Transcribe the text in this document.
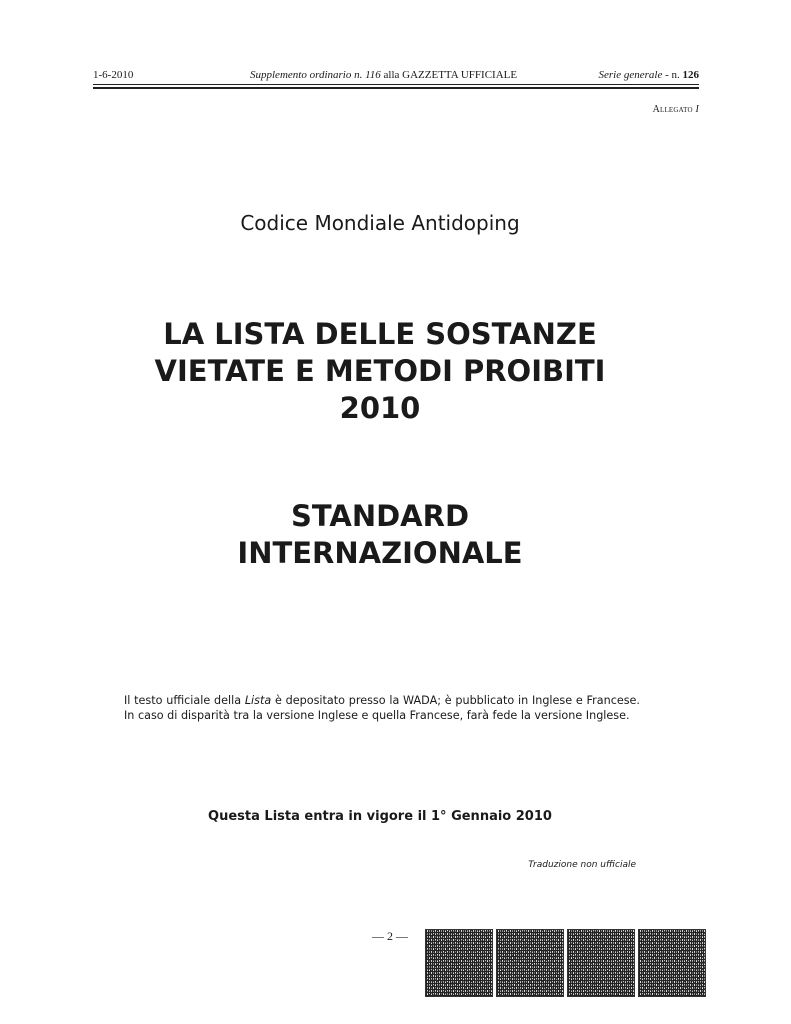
1-6-2010	Supplemento ordinario n. 116 alla GAZZETTA UFFICIALE	Serie generale - n. 126
Allegato I
Codice Mondiale Antidoping
LA LISTA DELLE SOSTANZE
VIETATE E METODI PROIBITI
2010
STANDARD
INTERNAZIONALE
Il testo ufficiale della Lista è depositato presso la WADA; è pubblicato in Inglese e Francese. In caso di disparità tra la versione Inglese e quella Francese, farà fede la versione Inglese.
Questa Lista entra in vigore il 1° Gennaio 2010
Traduzione non ufficiale
— 2 —
